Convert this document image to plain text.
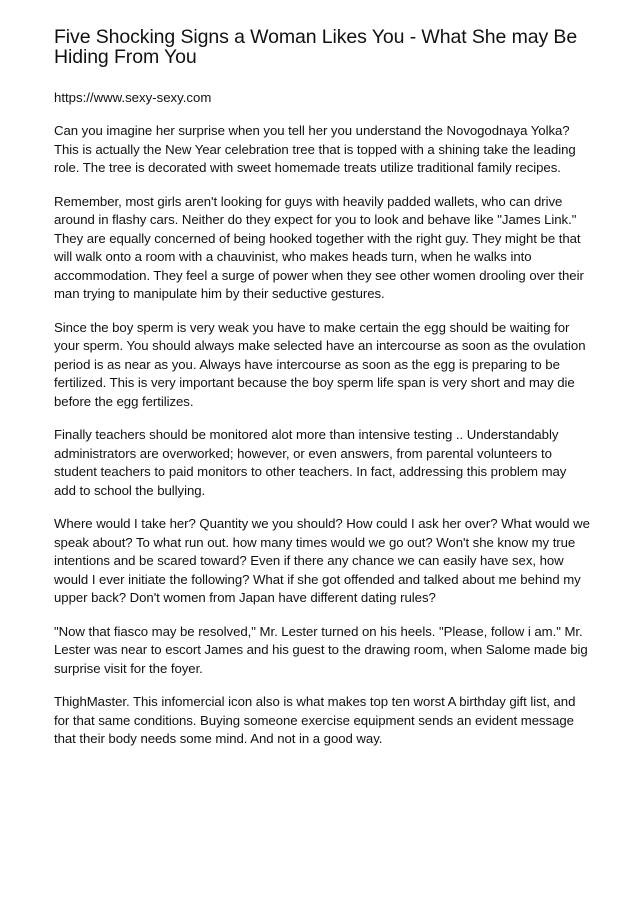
Five Shocking Signs a Woman Likes You - What She may Be Hiding From You
https://www.sexy-sexy.com

Can you imagine her surprise when you tell her you understand the Novogodnaya Yolka? This is actually the New Year celebration tree that is topped with a shining take the leading role. The tree is decorated with sweet homemade treats utilize traditional family recipes.

Remember, most girls aren't looking for guys with heavily padded wallets, who can drive around in flashy cars. Neither do they expect for you to look and behave like "James Link." They are equally concerned of being hooked together with the right guy. They might be that will walk onto a room with a chauvinist, who makes heads turn, when he walks into accommodation. They feel a surge of power when they see other women drooling over their man trying to manipulate him by their seductive gestures.

Since the boy sperm is very weak you have to make certain the egg should be waiting for your sperm. You should always make selected have an intercourse as soon as the ovulation period is as near as you. Always have intercourse as soon as the egg is preparing to be fertilized. This is very important because the boy sperm life span is very short and may die before the egg fertilizes.

Finally teachers should be monitored alot more than intensive testing .. Understandably administrators are overworked; however, or even answers, from parental volunteers to student teachers to paid monitors to other teachers. In fact, addressing this problem may add to school the bullying.

Where would I take her? Quantity we you should? How could I ask her over? What would we speak about? To what run out. how many times would we go out? Won't she know my true intentions and be scared toward? Even if there any chance we can easily have sex, how would I ever initiate the following? What if she got offended and talked about me behind my upper back? Don't women from Japan have different dating rules?

"Now that fiasco may be resolved," Mr. Lester turned on his heels. "Please, follow i am." Mr. Lester was near to escort James and his guest to the drawing room, when Salome made big surprise visit for the foyer.

ThighMaster. This infomercial icon also is what makes top ten worst A birthday gift list, and for that same conditions. Buying someone exercise equipment sends an evident message that their body needs some mind. And not in a good way.
